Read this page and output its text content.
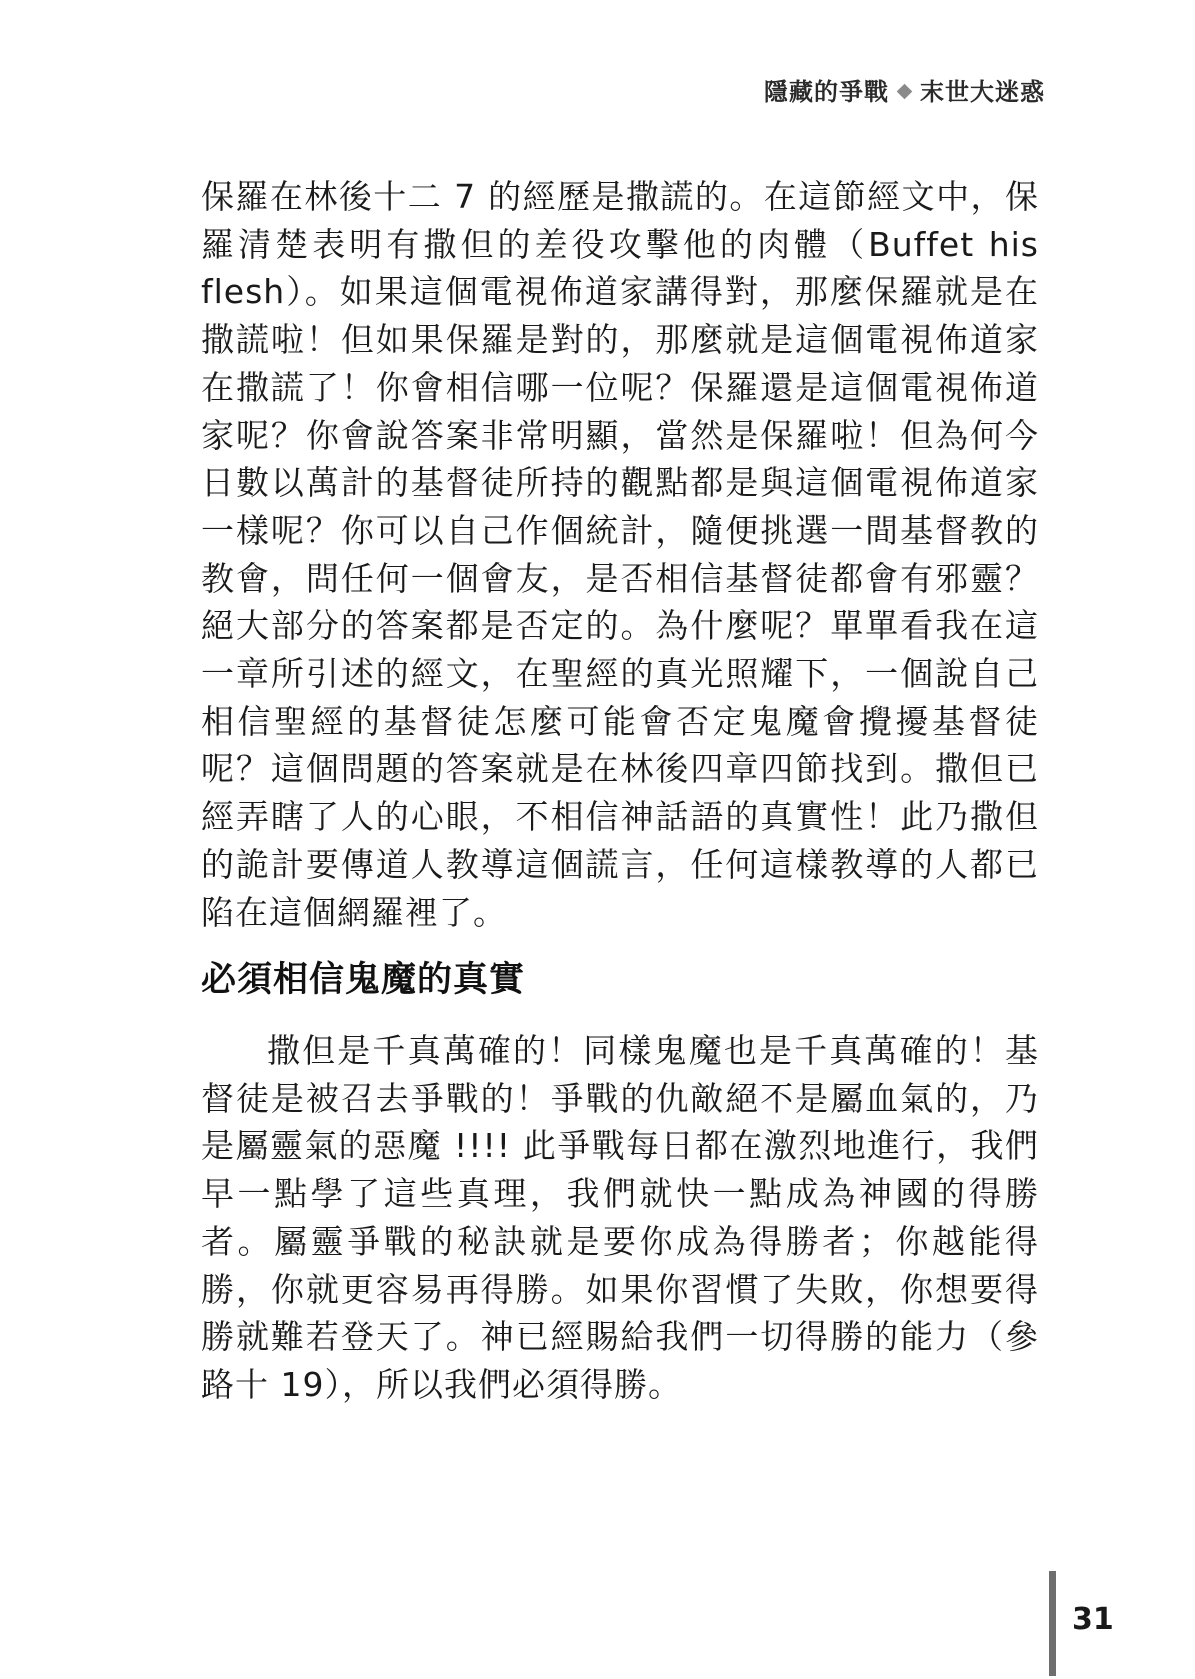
隱藏的爭戰 末世大迷惑
保羅在林後十二 7 的經歷是撒謊的。在這節經文中，保羅清楚表明有撒但的差役攻擊他的肉體（Buffet his flesh）。如果這個電視佈道家講得對，那麼保羅就是在撒謊啦！但如果保羅是對的，那麼就是這個電視佈道家在撒謊了！你會相信哪一位呢？保羅還是這個電視佈道家呢？你會說答案非常明顯，當然是保羅啦！但為何今日數以萬計的基督徒所持的觀點都是與這個電視佈道家一樣呢？你可以自己作個統計，隨便挑選一間基督教的教會，問任何一個會友，是否相信基督徒都會有邪靈？絕大部分的答案都是否定的。為什麼呢？單單看我在這一章所引述的經文，在聖經的真光照耀下，一個說自己相信聖經的基督徒怎麼可能會否定鬼魔會攪擾基督徒呢？這個問題的答案就是在林後四章四節找到。撒但已經弄瞎了人的心眼，不相信神話語的真實性！此乃撒但的詭計要傳道人教導這個謊言，任何這樣教導的人都已陷在這個網羅裡了。
必須相信鬼魔的真實
撒但是千真萬確的！同樣鬼魔也是千真萬確的！基督徒是被召去爭戰的！爭戰的仇敵絕不是屬血氣的，乃是屬靈氣的惡魔 !!!! 此爭戰每日都在激烈地進行，我們早一點學了這些真理，我們就快一點成為神國的得勝者。屬靈爭戰的秘訣就是要你成為得勝者；你越能得勝，你就更容易再得勝。如果你習慣了失敗，你想要得勝就難若登天了。神已經賜給我們一切得勝的能力（參路十 19），所以我們必須得勝。
31
